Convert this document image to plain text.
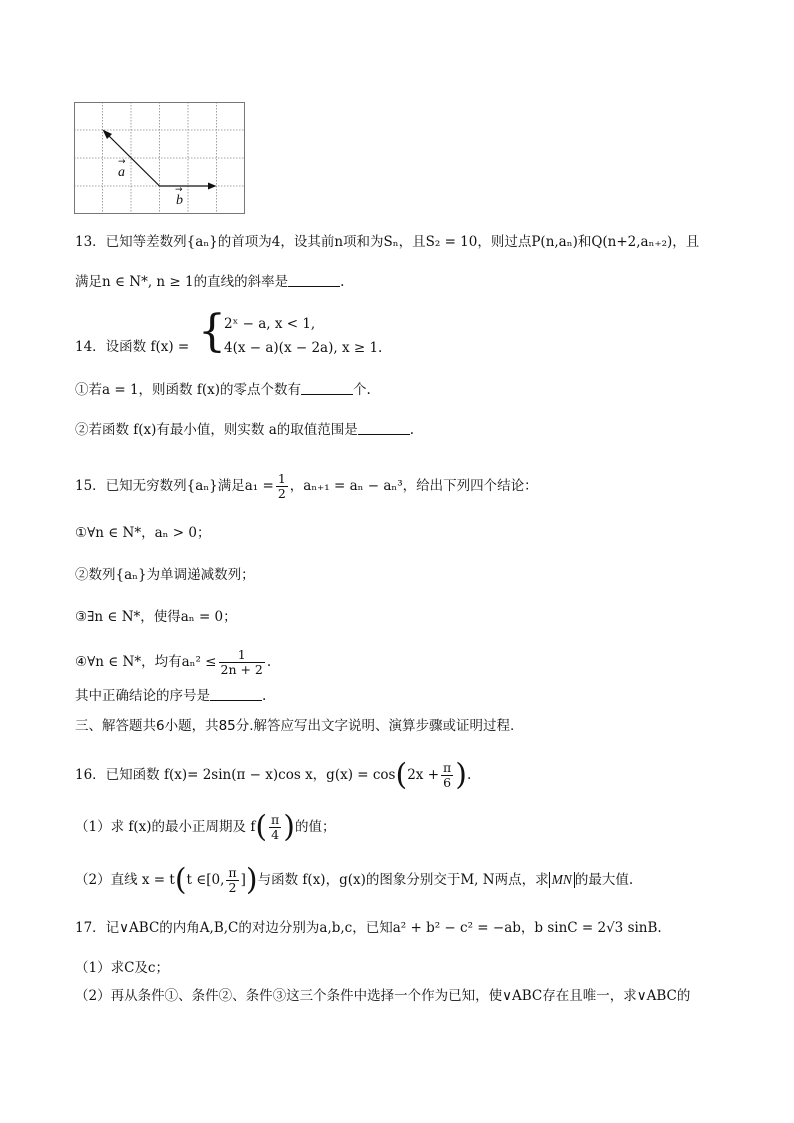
a
→
b
→
13．已知等差数列{aₙ}的首项为4，设其前n项和为Sₙ，且S₂ = 10，则过点P(n,aₙ)和Q(n+2,aₙ₊₂)，且
满足n ∈ N*, n ≥ 1的直线的斜率是	.
14．设函数 f(x) = {
2ˣ − a, x < 1,
4(x − a)(x − 2a), x ≥ 1.
①若a = 1，则函数 f(x)的零点个数有	个.
②若函数 f(x)有最小值，则实数 a的取值范围是	.
15．已知无穷数列{aₙ}满足$a_1 = \frac{1}{2}$ ，aₙ₊₁ = aₙ − aₙ³，给出下列四个结论：
①∀n ∈ N*，aₙ > 0；
②数列{aₙ}为单调递减数列；
③∃n ∈ N*，使得aₙ = 0；
④∀n ∈ N*，均有$a_n^2 \le \frac{1}{2n + 2}$ .
其中正确结论的序号是	.
三、解答题共6小题，共85分.解答应写出文字说明、演算步骤或证明过程.
16．已知函数 f(x)= 2sin(π − x)cos x，$g(x) = \cos(2x + \frac{\pi}{6}$ ).
（1）求 f(x)的最小正周期及 $f( \frac{\pi}{4}$ )的值；
（2）直线 x = t(t ∈[0, $\frac{\pi}{2}$ ])与函数 f(x)，g(x)的图象分别交于M, N两点，求 MN 的最大值.
17．记∨ABC的内角A,B,C的对边分别为a,b,c，已知a² + b² − c² = −ab，b sinC = 2√3 sinB.
（1）求C及c；
（2）再从条件①、条件②、条件③这三个条件中选择一个作为已知，使∨ABC存在且唯一，求∨ABC的
